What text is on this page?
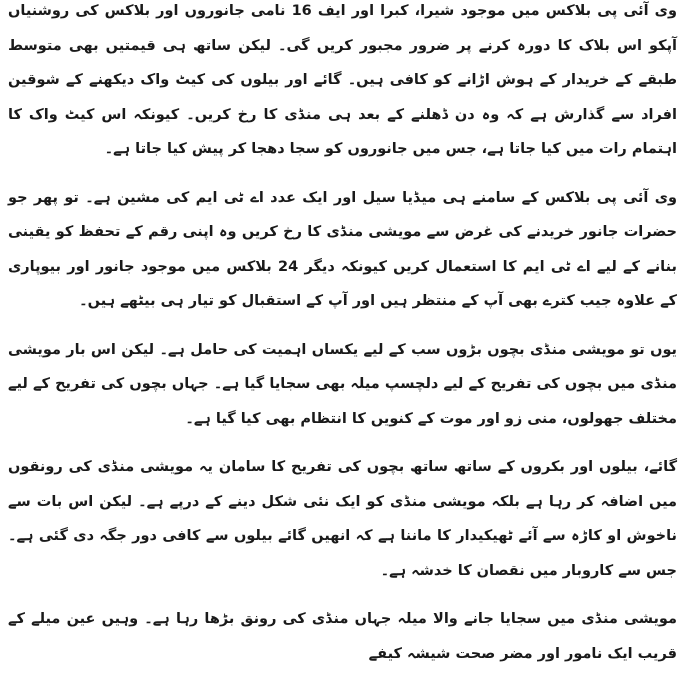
وی آئی پی بلاکس میں موجود شیرا، کبرا اور ایف 16 نامی جانوروں اور بلاکس کی روشنیاں آپکو اس بلاک کا دورہ کرنے پر ضرور مجبور کریں گی۔ لیکن ساتھ ہی قیمتیں بھی متوسط طبقے کے خریدار کے ہوش اڑانے کو کافی ہیں۔ گائے اور بیلوں کی کیٹ واک دیکھنے کے شوقین افراد سے گذارش ہے کہ وہ دن ڈھلنے کے بعد ہی منڈی کا رخ کریں۔ کیونکہ اس کیٹ واک کا اہتمام رات میں کیا جاتا ہے، جس میں جانوروں کو سجا دھجا کر پیش کیا جاتا ہے۔

وی آئی پی بلاکس کے سامنے ہی میڈیا سیل اور ایک عدد اے ٹی ایم کی مشین ہے۔ تو پھر جو حضرات جانور خریدنے کی غرض سے مویشی منڈی کا رخ کریں وہ اپنی رقم کے تحفظ کو یقینی بنانے کے لیے اے ٹی ایم کا استعمال کریں کیونکہ دیگر 24 بلاکس میں موجود جانور اور بیوپاری کے علاوہ جیب کترے بھی آپ کے منتظر ہیں اور آپ کے استقبال کو تیار ہی بیٹھے ہیں۔

یوں تو مویشی منڈی بچوں بڑوں سب کے لیے یکساں اہمیت کی حامل ہے۔ لیکن اس بار مویشی منڈی میں بچوں کی تفریح کے لیے دلچسپ میلہ بھی سجایا گیا ہے۔ جہاں بچوں کی تفریح کے لیے مختلف جھولوں، منی زو اور موت کے کنویں کا انتظام بھی کیا گیا ہے۔

گائے، بیلوں اور بکروں کے ساتھ ساتھ بچوں کی تفریح کا سامان یہ مویشی منڈی کی رونقوں میں اضافہ کر رہا ہے بلکہ مویشی منڈی کو ایک نئی شکل دینے کے درپے ہے۔ لیکن اس بات سے ناخوش او کاڑہ سے آئے ٹھیکیدار کا ماننا ہے کہ انھیں گائے بیلوں سے کافی دور جگہ دی گئی ہے۔ جس سے کاروبار میں نقصان کا خدشہ ہے۔

مویشی منڈی میں سجایا جانے والا میلہ جہاں منڈی کی رونق بڑھا رہا ہے۔ وہیں عین میلے کے قریب ایک نامور اور مضر صحت شیشہ کیفے
